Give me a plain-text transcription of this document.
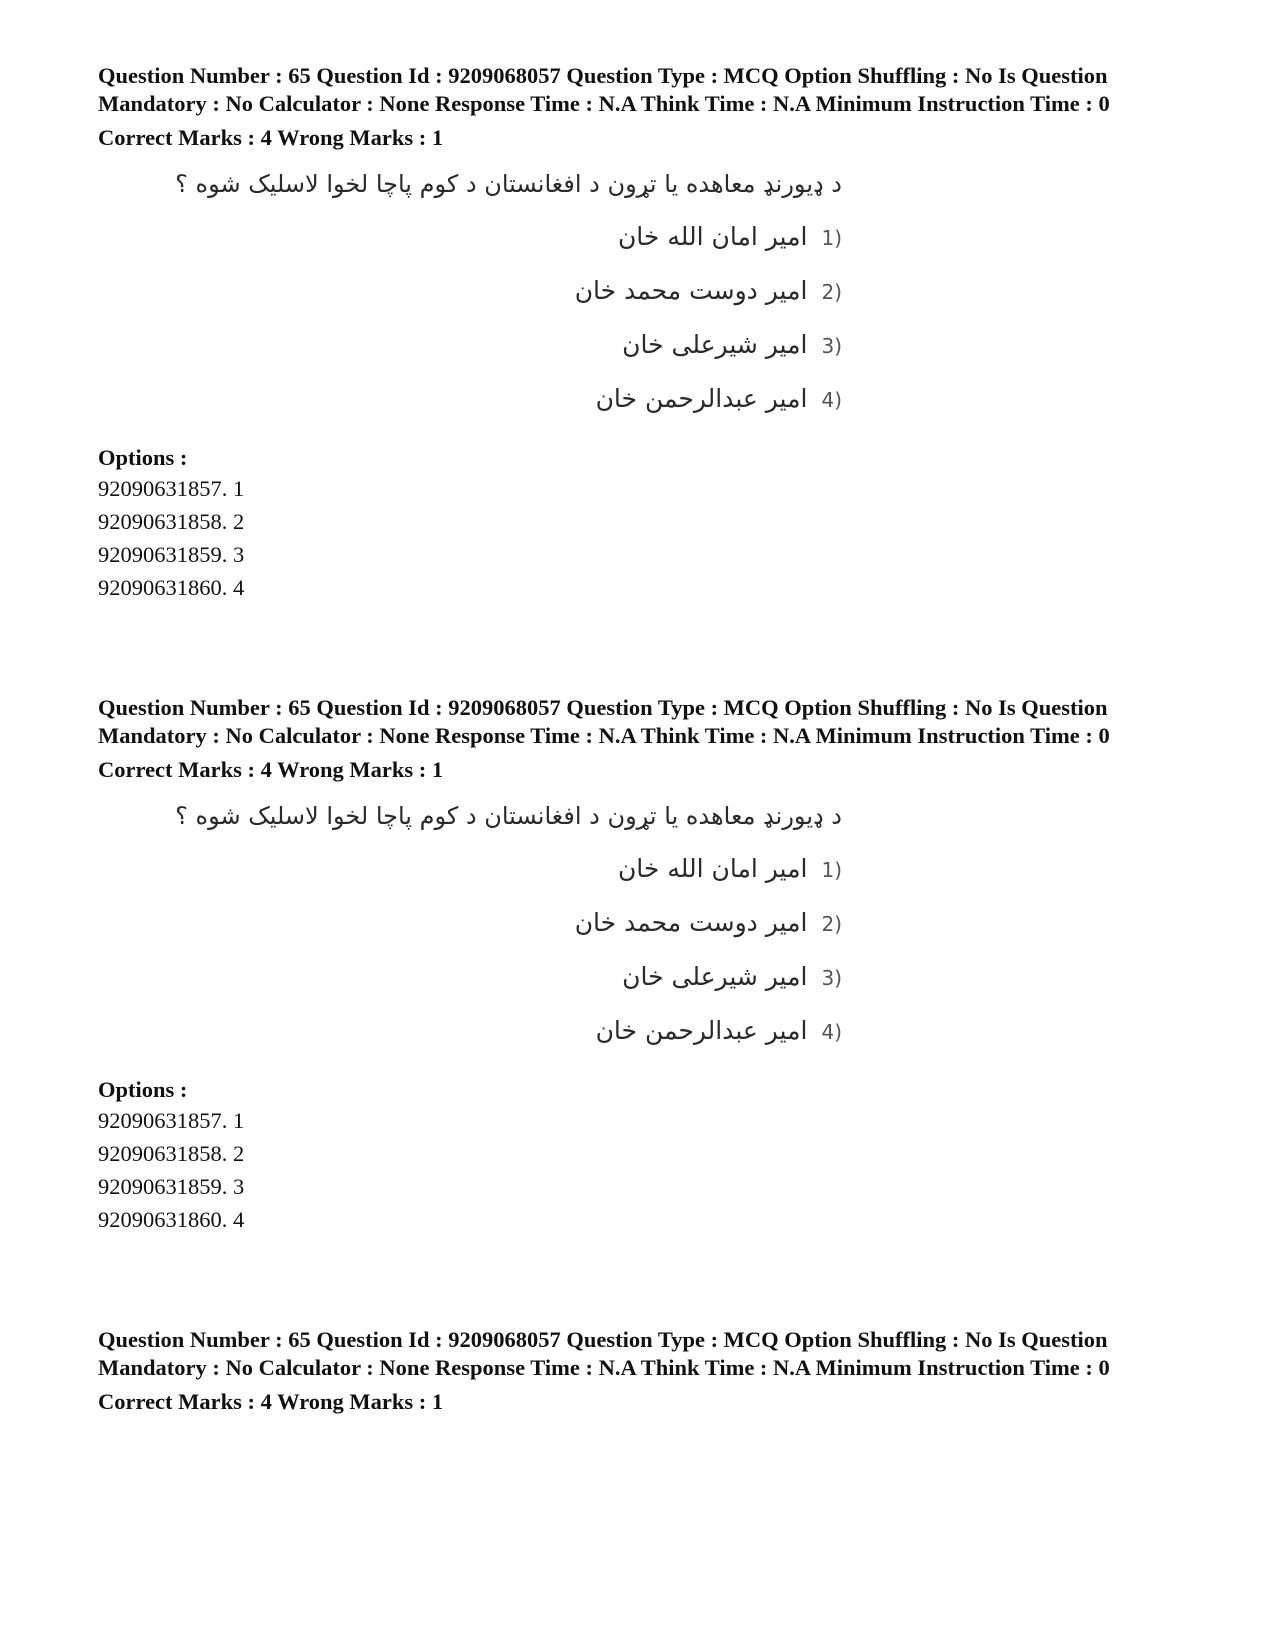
Question Number : 65 Question Id : 9209068057 Question Type : MCQ Option Shuffling : No Is Question Mandatory : No Calculator : None Response Time : N.A Think Time : N.A Minimum Instruction Time : 0

Correct Marks : 4 Wrong Marks : 1
د ډیورنډ معاهده یا تړون د افغانستان د کوم پاچا لخوا لاسلیک شوه ؟
(1امیر امان الله خان
(2امیر دوست محمد خان
(3امیر شیرعلی خان
(4امیر عبدالرحمن خان
Options :
92090631857. 1
92090631858. 2
92090631859. 3
92090631860. 4

Question Number : 65 Question Id : 9209068057 Question Type : MCQ Option Shuffling : No Is Question Mandatory : No Calculator : None Response Time : N.A Think Time : N.A Minimum Instruction Time : 0

Correct Marks : 4 Wrong Marks : 1
د ډیورنډ معاهده یا تړون د افغانستان د کوم پاچا لخوا لاسلیک شوه ؟
(1امیر امان الله خان
(2امیر دوست محمد خان
(3امیر شیرعلی خان
(4امیر عبدالرحمن خان
Options :
92090631857. 1
92090631858. 2
92090631859. 3
92090631860. 4

Question Number : 65 Question Id : 9209068057 Question Type : MCQ Option Shuffling : No Is Question Mandatory : No Calculator : None Response Time : N.A Think Time : N.A Minimum Instruction Time : 0

Correct Marks : 4 Wrong Marks : 1
